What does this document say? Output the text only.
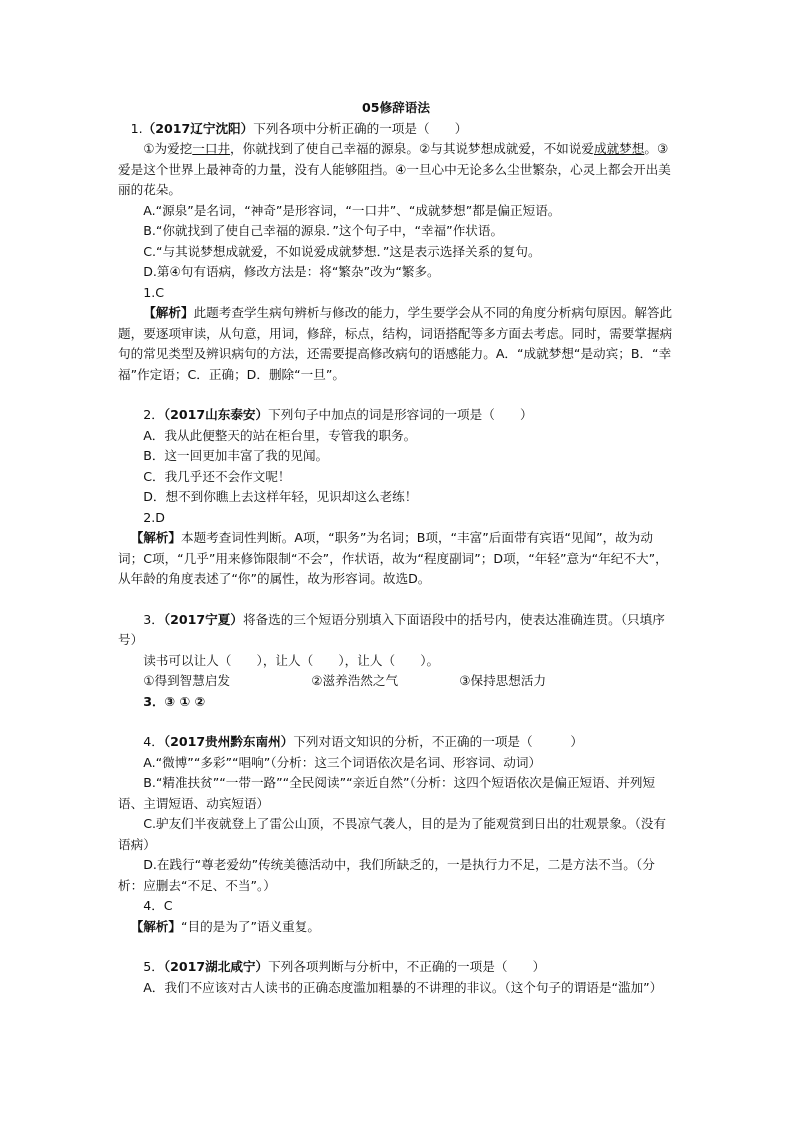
05修辞语法

1.（2017辽宁沈阳）下列各项中分析正确的一项是（　　）

①为爱挖一口井，你就找到了使自己幸福的源泉。②与其说梦想成就爱，不如说爱成就梦想。③爱是这个世界上最神奇的力量，没有人能够阻挡。④一旦心中无论多么尘世繁杂，心灵上都会开出美丽的花朵。

A.“源泉”是名词，“神奇”是形容词，“一口井”、“成就梦想”都是偏正短语。

B.“你就找到了使自己幸福的源泉．”这个句子中，“幸福”作状语。

C.“与其说梦想成就爱，不如说爱成就梦想．”这是表示选择关系的复句。

D.第④句有语病，修改方法是：将“繁杂”改为“繁多。

1.C

【解析】此题考查学生病句辨析与修改的能力，学生要学会从不同的角度分析病句原因。解答此题，要逐项审读，从句意，用词，修辞，标点，结构，词语搭配等多方面去考虑。同时，需要掌握病句的常见类型及辨识病句的方法，还需要提高修改病句的语感能力。A．“成就梦想“是动宾；B．“幸福”作定语；C．正确；D．删除“一旦”。

2．（2017山东泰安）下列句子中加点的词是形容词的一项是（　　）

A．我从此便整天的站在柜台里，专管我的职务。

B．这一回更加丰富了我的见闻。

C．我几乎还不会作文呢！

D．想不到你瞧上去这样年轻，见识却这么老练！

2.D

【解析】本题考查词性判断。A项，“职务”为名词；B项，“丰富”后面带有宾语“见闻”，故为动词；C项，“几乎”用来修饰限制“不会”，作状语，故为“程度副词”；D项，“年轻”意为“年纪不大”，从年龄的角度表述了“你”的属性，故为形容词。故选D。

3．（2017宁夏）将备选的三个短语分别填入下面语段中的括号内，使表达准确连贯。（只填序号）

读书可以让人（　　），让人（　　），让人（　　）。

①得到智慧启发	②滋养浩然之气	③保持思想活力

3．③ ① ②

4．（2017贵州黔东南州）下列对语文知识的分析，不正确的一项是（　　　）

A.“微博”“多彩”“唱响”（分析：这三个词语依次是名词、形容词、动词）

B.“精准扶贫”“一带一路”“全民阅读”“亲近自然”（分析：这四个短语依次是偏正短语、并列短语、主谓短语、动宾短语）

C.驴友们半夜就登上了雷公山顶，不畏凉气袭人，目的是为了能观赏到日出的壮观景象。（没有语病）

D.在践行“尊老爱幼”传统美德活动中，我们所缺乏的，一是执行力不足，二是方法不当。（分析：应删去“不足、不当”。）

4．C

【解析】“目的是为了”语义重复。

5．（2017湖北咸宁）下列各项判断与分析中，不正确的一项是（　　）

A．我们不应该对古人读书的正确态度滥加粗暴的不讲理的非议。（这个句子的谓语是“滥加”）
